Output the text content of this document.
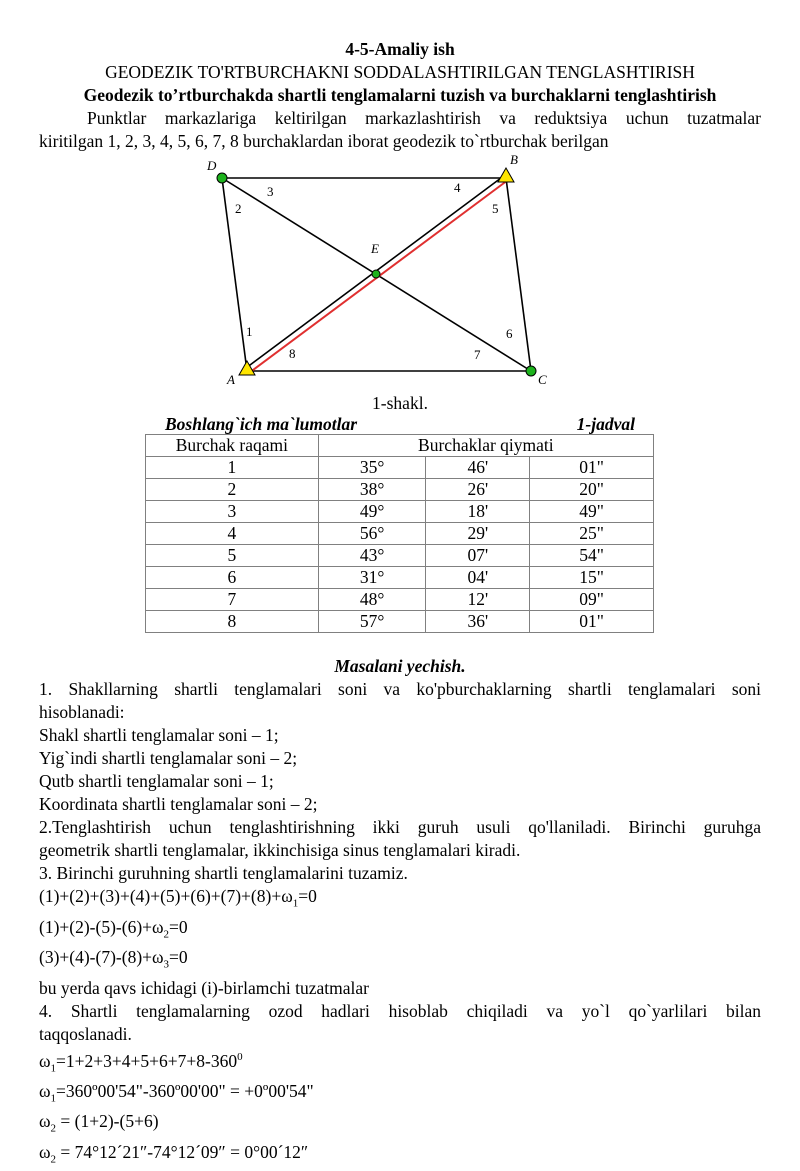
4-5-Amaliy ish
GEODEZIK TO'RTBURCHAKNI SODDALASHTIRILGAN TENGLASHTIRISH
Geodezik to’rtburchakda shartli tenglamalarni tuzish va burchaklarni tenglashtirish
Punktlar markazlariga keltirilgan markazlashtirish va reduktsiya uchun tuzatmalar
kiritilgan 1, 2, 3, 4, 5, 6, 7, 8 burchaklardan iborat geodezik to`rtburchak berilgan
D	B
E
A	C
1
2
3	4
5
6
7
8
1-shakl.
Boshlang`ich ma`lumotlar	1-jadval
Burchak raqami	Burchaklar qiymati		
1	35°	46'	01"
2	38°	26'	20"
3	49°	18'	49"
4	56°	29'	25"
5	43°	07'	54"
6	31°	04'	15"
7	48°	12'	09"
8	57°	36'	01"
Masalani yechish.
1. Shakllarning shartli tenglamalari soni va ko'pburchaklarning shartli tenglamalari soni
hisoblanadi:
Shakl shartli tenglamalar soni – 1;
Yig`indi shartli tenglamalar soni – 2;
Qutb shartli tenglamalar soni – 1;
Koordinata shartli tenglamalar soni – 2;
2.Tenglashtirish uchun tenglashtirishning ikki guruh usuli qo'llaniladi. Birinchi guruhga
geometrik shartli tenglamalar, ikkinchisiga sinus tenglamalari kiradi.
3. Birinchi guruhning shartli tenglamalarini tuzamiz.
$(1)+(2)+(3)+(4)+(5)+(6)+(7)+(8)+\omega_1=0$
$(1)+(2)-(5)-(6)+\omega_2=0$
$(3)+(4)-(7)-(8)+\omega_3=0$
bu yerda qavs ichidagi (i)-birlamchi tuzatmalar
4. Shartli tenglamalarning ozod hadlari hisoblab chiqiladi va yo`l qo`yarlilari bilan
taqqoslanadi.
$\omega_1=1+2+3+4+5+6+7+8-360^0$
$\omega_1=360º00'54"-360º00'00$" = +0º00'54"
$\omega_2 = (1+2)-(5+6)$
$\omega_2$ = 74°12´21″-74°12´09″ = 0°00´12″
